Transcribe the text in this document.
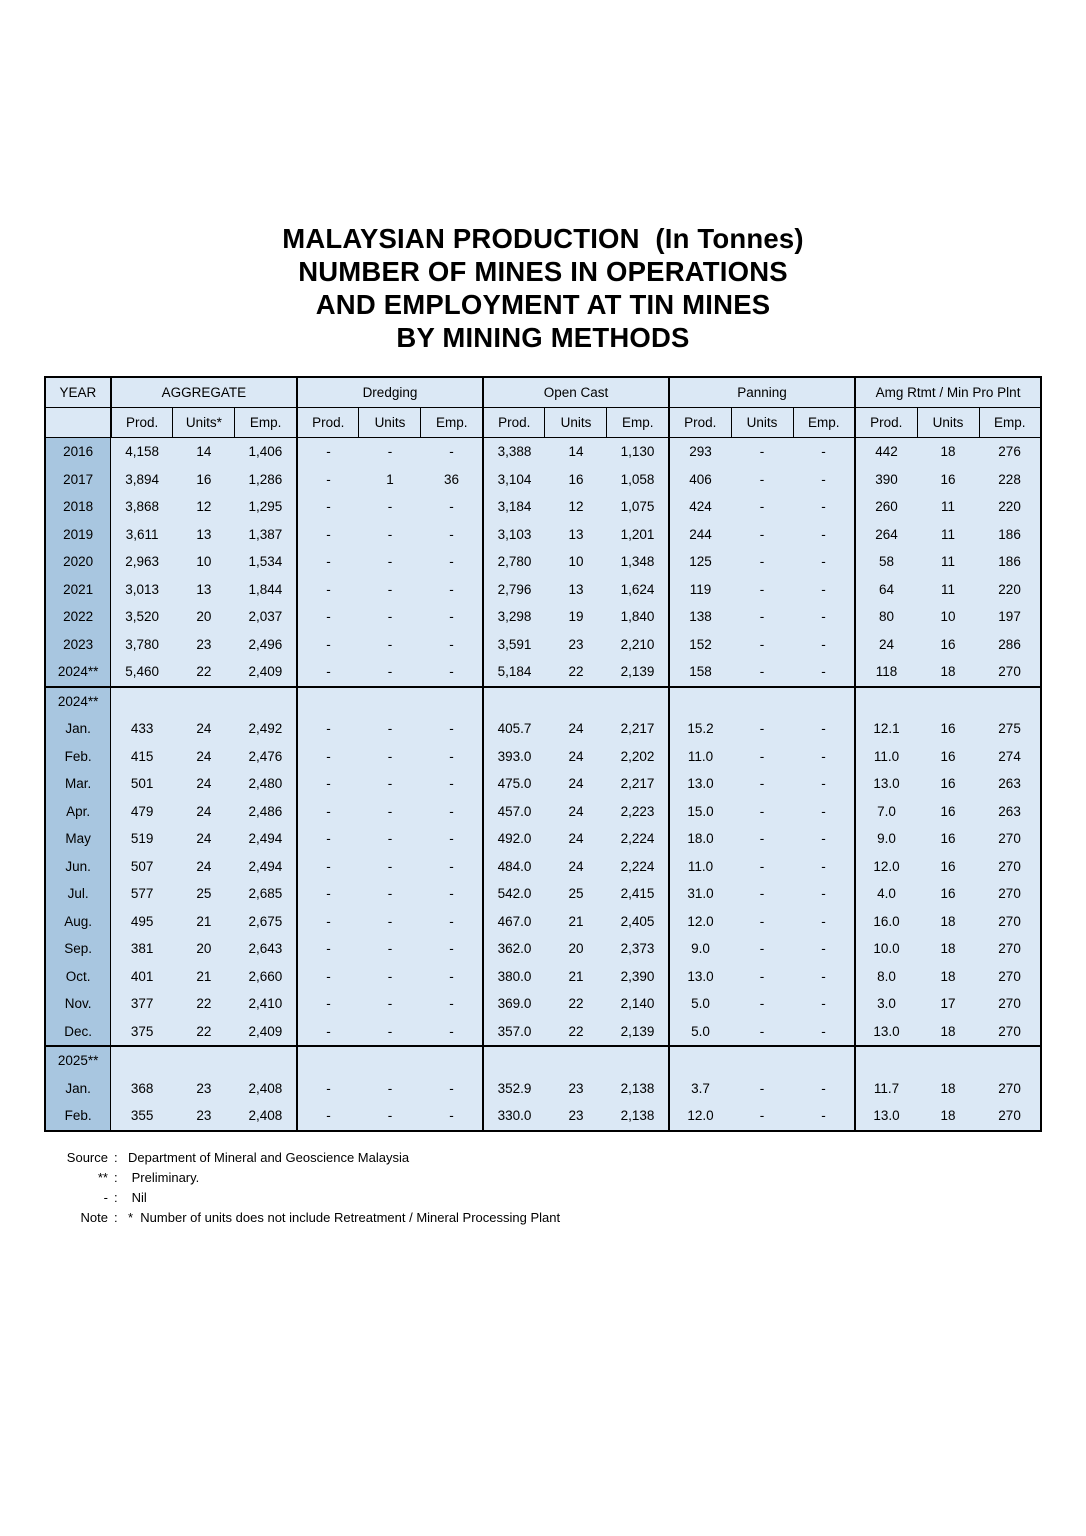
MALAYSIAN PRODUCTION  (In Tonnes)
NUMBER OF MINES IN OPERATIONS
AND EMPLOYMENT AT TIN MINES
BY MINING METHODS
YEAR	AGGREGATE			Dredging			Open Cast			Panning			Amg Rtmt / Min Pro Plnt		
	Prod.	Units*	Emp.	Prod.	Units	Emp.	Prod.	Units	Emp.	Prod.	Units	Emp.	Prod.	Units	Emp.
2016	4,158	14	1,406	-	-	-	3,388	14	1,130	293	-	-	442	18	276
2017	3,894	16	1,286	-	1	36	3,104	16	1,058	406	-	-	390	16	228
2018	3,868	12	1,295	-	-	-	3,184	12	1,075	424	-	-	260	11	220
2019	3,611	13	1,387	-	-	-	3,103	13	1,201	244	-	-	264	11	186
2020	2,963	10	1,534	-	-	-	2,780	10	1,348	125	-	-	58	11	186
2021	3,013	13	1,844	-	-	-	2,796	13	1,624	119	-	-	64	11	220
2022	3,520	20	2,037	-	-	-	3,298	19	1,840	138	-	-	80	10	197
2023	3,780	23	2,496	-	-	-	3,591	23	2,210	152	-	-	24	16	286
2024**	5,460	22	2,409	-	-	-	5,184	22	2,139	158	-	-	118	18	270
2024**															
Jan.	433	24	2,492	-	-	-	405.7	24	2,217	15.2	-	-	12.1	16	275
Feb.	415	24	2,476	-	-	-	393.0	24	2,202	11.0	-	-	11.0	16	274
Mar.	501	24	2,480	-	-	-	475.0	24	2,217	13.0	-	-	13.0	16	263
Apr.	479	24	2,486	-	-	-	457.0	24	2,223	15.0	-	-	7.0	16	263
May	519	24	2,494	-	-	-	492.0	24	2,224	18.0	-	-	9.0	16	270
Jun.	507	24	2,494	-	-	-	484.0	24	2,224	11.0	-	-	12.0	16	270
Jul.	577	25	2,685	-	-	-	542.0	25	2,415	31.0	-	-	4.0	16	270
Aug.	495	21	2,675	-	-	-	467.0	21	2,405	12.0	-	-	16.0	18	270
Sep.	381	20	2,643	-	-	-	362.0	20	2,373	9.0	-	-	10.0	18	270
Oct.	401	21	2,660	-	-	-	380.0	21	2,390	13.0	-	-	8.0	18	270
Nov.	377	22	2,410	-	-	-	369.0	22	2,140	5.0	-	-	3.0	17	270
Dec.	375	22	2,409	-	-	-	357.0	22	2,139	5.0	-	-	13.0	18	270
2025**															
Jan.	368	23	2,408	-	-	-	352.9	23	2,138	3.7	-	-	11.7	18	270
Feb.	355	23	2,408	-	-	-	330.0	23	2,138	12.0	-	-	13.0	18	270
Source : Department of Mineral and Geoscience Malaysia
** : Preliminary.
- : Nil
Note : *  Number of units does not include Retreatment / Mineral Processing Plant
